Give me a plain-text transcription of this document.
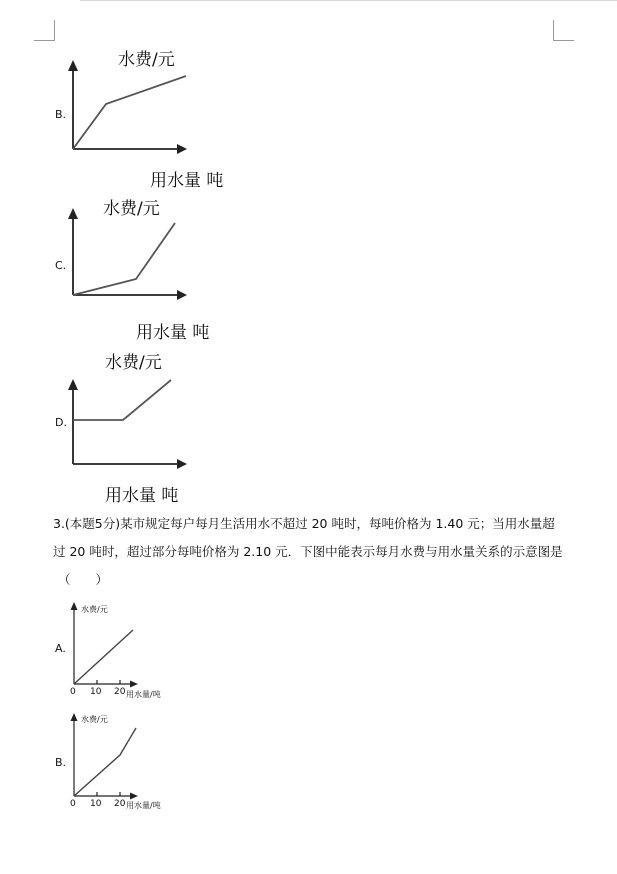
B.
水费/元
用水量 吨
C.
水费/元
用水量 吨
D.
水费/元
用水量 吨
3.(本题5分)某市规定每户每月生活用水不超过 20 吨时，每吨价格为 1.40 元；当用水量超
过 20 吨时，超过部分每吨价格为 2.10 元．下图中能表示每月水费与用水量关系的示意图是
（　　）
A.
水费/元
用水量/吨
0 10 20
B.
水费/元
用水量/吨
0 10 20
